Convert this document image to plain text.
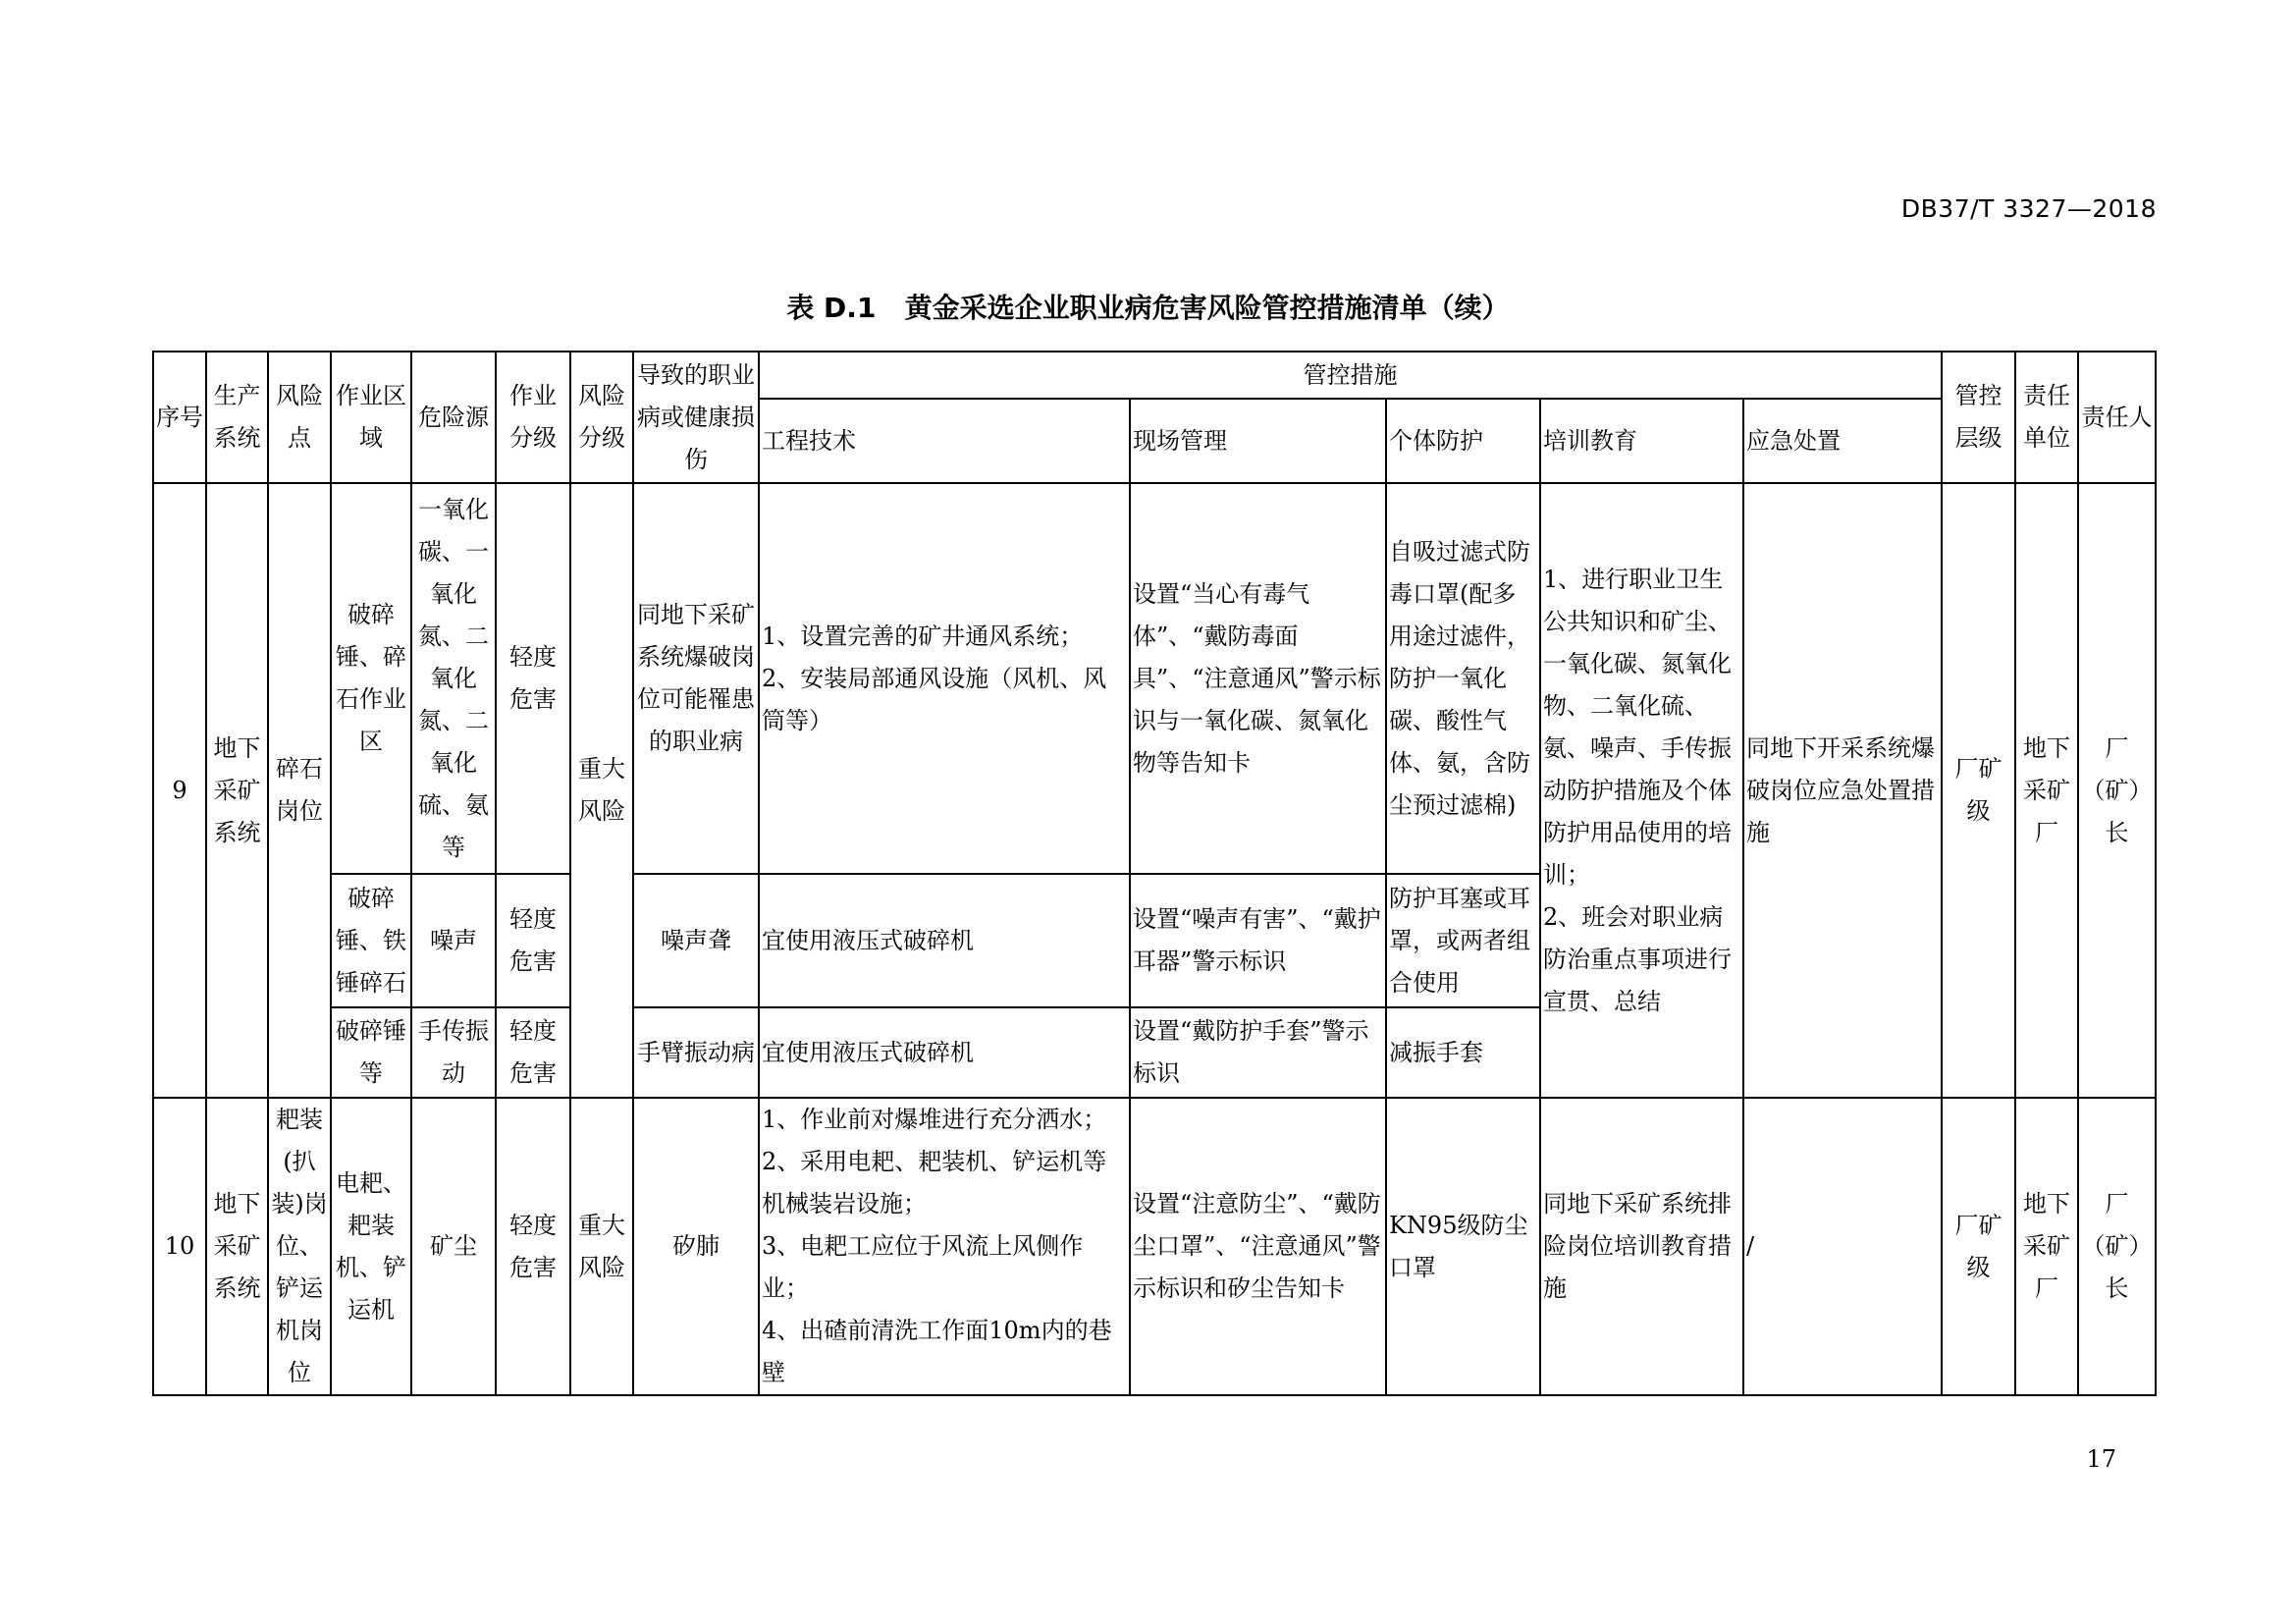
DB37/T 3327—2018
表 D.1   黄金采选企业职业病危害风险管控措施清单（续）
序号	生产系统	风险点	作业区域	危险源	作业分级	风险分级	导致的职业病或健康损伤	管控措施					管控层级	责任单位	责任人
								工程技术	现场管理	个体防护	培训教育	应急处置			
9	地下采矿系统	碎石岗位	破碎锤、碎石作业区	一氧化碳、一氧化氮、二氧化氮、二氧化硫、氨等	轻度危害	重大风险	同地下采矿系统爆破岗位可能罹患的职业病	1、设置完善的矿井通风系统；
2、安装局部通风设施（风机、风筒等）	设置“当心有毒气体”、“戴防毒面具”、“注意通风”警示标识与一氧化碳、氮氧化物等告知卡	自吸过滤式防毒口罩(配多用途过滤件，防护一氧化碳、酸性气体、氨，含防尘预过滤棉)	1、进行职业卫生公共知识和矿尘、一氧化碳、氮氧化物、二氧化硫、氨、噪声、手传振动防护措施及个体防护用品使用的培训；
2、班会对职业病防治重点事项进行宣贯、总结	同地下开采系统爆破岗位应急处置措施	厂矿级	地下采矿厂	厂（矿）长
			破碎锤、铁锤碎石	噪声	轻度危害		噪声聋	宜使用液压式破碎机	设置“噪声有害”、“戴护耳器”警示标识	防护耳塞或耳罩，或两者组合使用					
			破碎锤等	手传振动	轻度危害		手臂振动病	宜使用液压式破碎机	设置“戴防护手套”警示标识	减振手套					
10	地下采矿系统	耙装(扒装)岗位、铲运机岗位	电耙、耙装机、铲运机	矿尘	轻度危害	重大风险	矽肺	1、作业前对爆堆进行充分洒水；
2、采用电耙、耙装机、铲运机等机械装岩设施；
3、电耙工应位于风流上风侧作业；
4、出碴前清洗工作面10m内的巷壁	设置“注意防尘”、“戴防尘口罩”、“注意通风”警示标识和矽尘告知卡	KN95级防尘口罩	同地下采矿系统排险岗位培训教育措施	/	厂矿级	地下采矿厂	厂（矿）长
17
